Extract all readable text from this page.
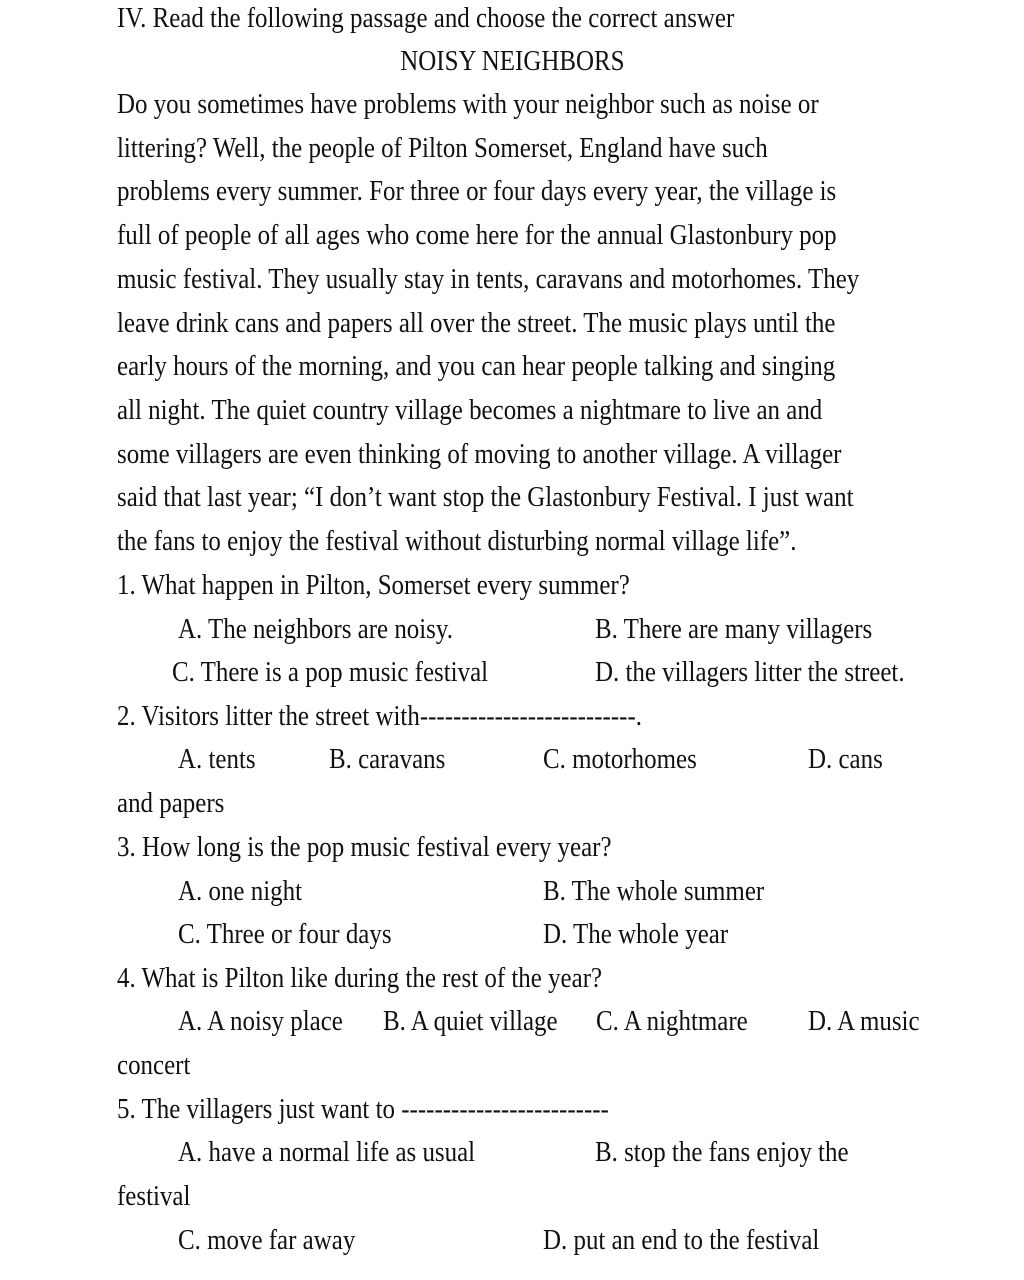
IV. Read the following passage and choose the correct answer
NOISY NEIGHBORS
Do you sometimes have problems with your neighbor such as noise or
littering? Well, the people of Pilton Somerset, England have such
problems every summer. For three or four days every year, the village is
full of people of all ages who come here for the annual Glastonbury pop
music festival. They usually stay in tents, caravans and motorhomes. They
leave drink cans and papers all over the street. The music plays until the
early hours of the morning, and you can hear people talking and singing
all night. The quiet country village becomes a nightmare to live an and
some villagers are even thinking of moving to another village. A villager
said that last year; “I don’t want stop the Glastonbury Festival. I just want
the fans to enjoy the festival without disturbing normal village life”.
1. What happen in Pilton, Somerset every summer?
A. The neighbors are noisy.	B. There are many villagers
C. There is a pop music festival	D. the villagers litter the street.
2. Visitors litter the street with--------------------------.
A. tents	B. caravans	C. motorhomes	D. cans
and papers
3. How long is the pop music festival every year?
A. one night	B. The whole summer
C. Three or four days	D. The whole year
4. What is Pilton like during the rest of the year?
A. A noisy place B. A quiet village C. A nightmare D. A music
concert
5. The villagers just want to -------------------------
A. have a normal life as usual	B. stop the fans enjoy the
festival
C. move far away	D. put an end to the festival
